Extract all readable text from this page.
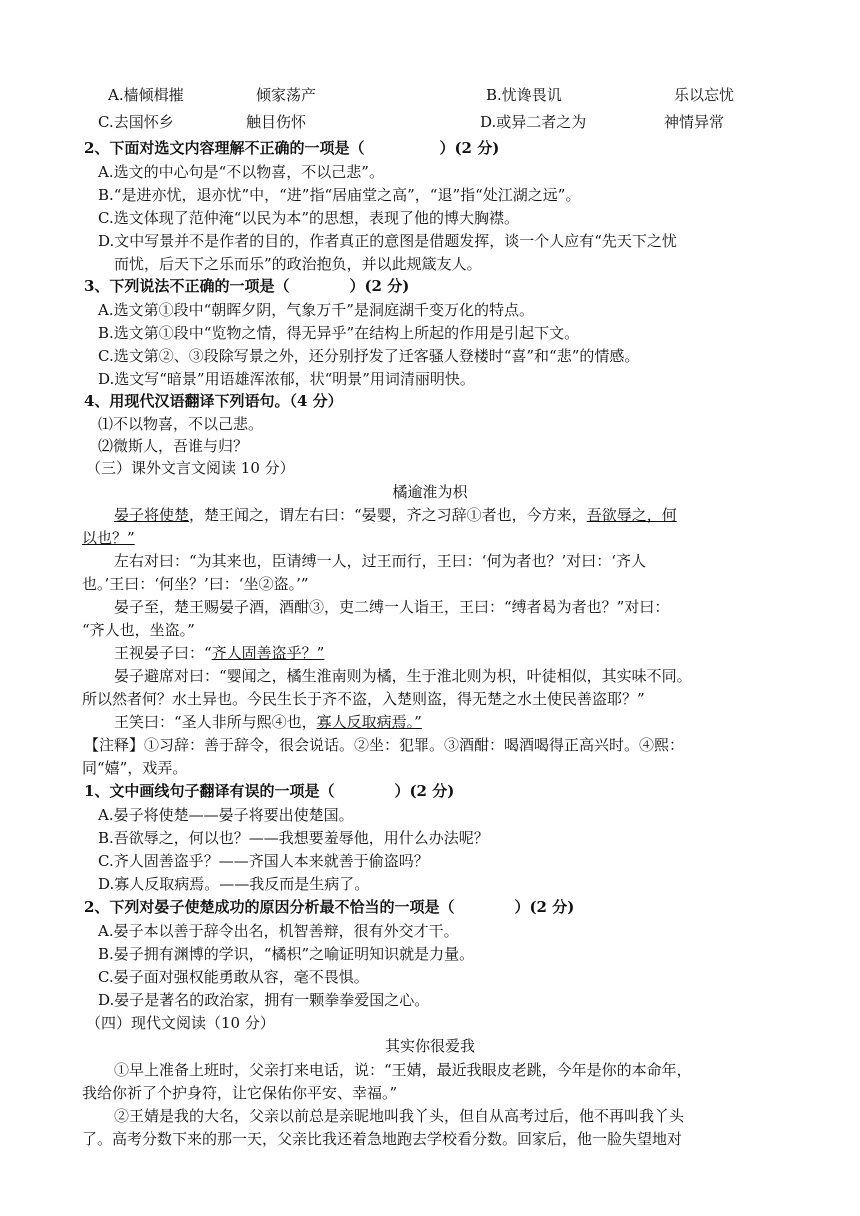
A.樯倾楫摧	倾家荡产	B.忧谗畏讥	乐以忘忧
C.去国怀乡	触目伤怀	D.或异二者之为	神情异常
2、下面对选文内容理解不正确的一项是（　　　　　）(2 分)
A.选文的中心句是“不以物喜，不以己悲”。
B.“是进亦忧，退亦忧”中，“进”指“居庙堂之高”，“退”指“处江湖之远”。
C.选文体现了范仲淹“以民为本”的思想，表现了他的博大胸襟。
D.文中写景并不是作者的目的，作者真正的意图是借题发挥，谈一个人应有“先天下之忧
而忧，后天下之乐而乐”的政治抱负，并以此规箴友人。
3、下列说法不正确的一项是（　　　　）(2 分)
A.选文第①段中“朝晖夕阴，气象万千”是洞庭湖千变万化的特点。
B.选文第①段中“览物之情，得无异乎”在结构上所起的作用是引起下文。
C.选文第②、③段除写景之外，还分别抒发了迁客骚人登楼时“喜”和“悲”的情感。
D.选文写“暗景”用语雄浑浓郁，状“明景”用词清丽明快。
4、用现代汉语翻译下列语句。（4 分）
⑴不以物喜，不以己悲。
⑵微斯人，吾谁与归？
（三）课外文言文阅读 10 分）
橘逾淮为枳
晏子将使楚，楚王闻之，谓左右曰：“晏婴，齐之习辞①者也，今方来，吾欲辱之，何
以也？”
左右对曰：“为其来也，臣请缚一人，过王而行，王曰：‘何为者也？’对曰：‘齐人
也。’王曰：‘何坐？’曰：‘坐②盗。’”
晏子至，楚王赐晏子酒，酒酣③，吏二缚一人诣王，王曰：“缚者曷为者也？”对曰：
“齐人也，坐盗。”
王视晏子曰：“齐人固善盗乎？”
晏子避席对曰：“婴闻之，橘生淮南则为橘，生于淮北则为枳，叶徒相似，其实味不同。
所以然者何？水土异也。今民生长于齐不盗，入楚则盗，得无楚之水土使民善盗耶？”
王笑曰：“圣人非所与熙④也，寡人反取病焉。”
【注释】①习辞：善于辞令，很会说话。②坐：犯罪。③酒酣：喝酒喝得正高兴时。④熙：
同“嬉”，戏弄。
1、文中画线句子翻译有误的一项是（　　　　）(2 分)
A.晏子将使楚——晏子将要出使楚国。
B.吾欲辱之，何以也？——我想要羞辱他，用什么办法呢？
C.齐人固善盗乎？——齐国人本来就善于偷盗吗？
D.寡人反取病焉。——我反而是生病了。
2、下列对晏子使楚成功的原因分析最不恰当的一项是（　　　　）(2 分)
A.晏子本以善于辞令出名，机智善辩，很有外交才干。
B.晏子拥有渊博的学识，“橘枳”之喻证明知识就是力量。
C.晏子面对强权能勇敢从容，毫不畏惧。
D.晏子是著名的政治家，拥有一颗拳拳爱国之心。
（四）现代文阅读（10 分）
其实你很爱我
①早上准备上班时，父亲打来电话，说：“王婧，最近我眼皮老跳，今年是你的本命年，
我给你祈了个护身符，让它保佑你平安、幸福。”
②王婧是我的大名，父亲以前总是亲昵地叫我丫头，但自从高考过后，他不再叫我丫头
了。高考分数下来的那一天，父亲比我还着急地跑去学校看分数。回家后，他一脸失望地对
